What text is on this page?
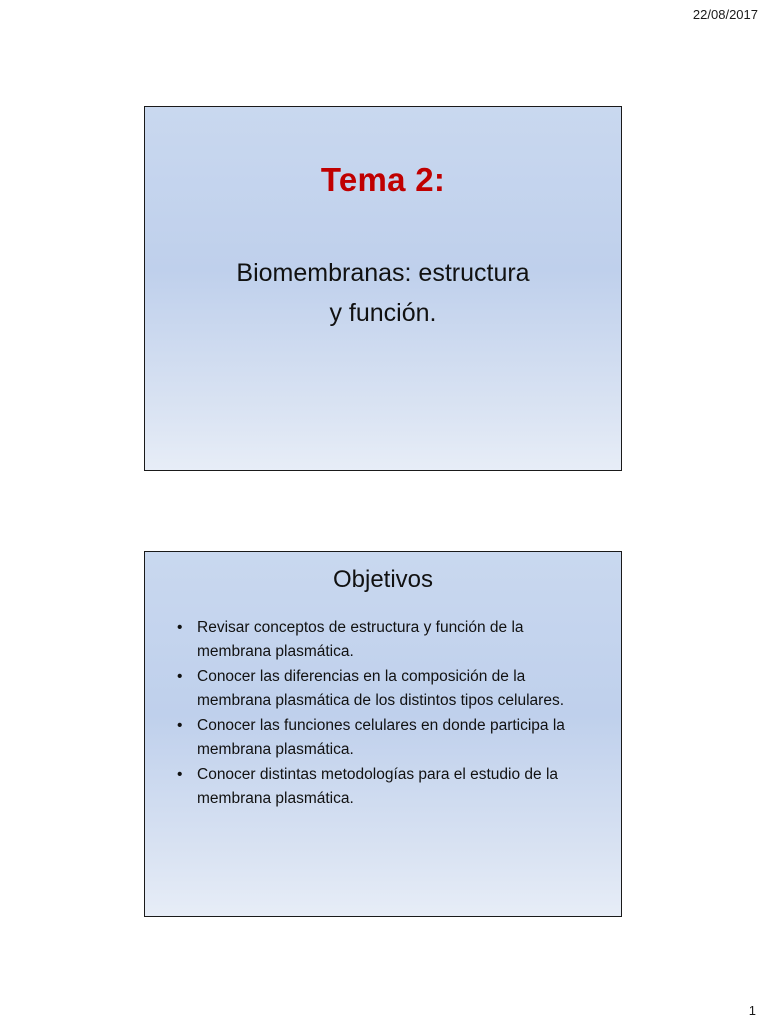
22/08/2017
Tema 2:
Biomembranas: estructura
y función.
Objetivos
• Revisar conceptos de estructura y función de la membrana plasmática.
• Conocer las diferencias en la composición de la membrana plasmática de los distintos tipos celulares.
• Conocer las funciones celulares en donde participa la membrana plasmática.
• Conocer distintas metodologías para el estudio de la membrana plasmática.
1
